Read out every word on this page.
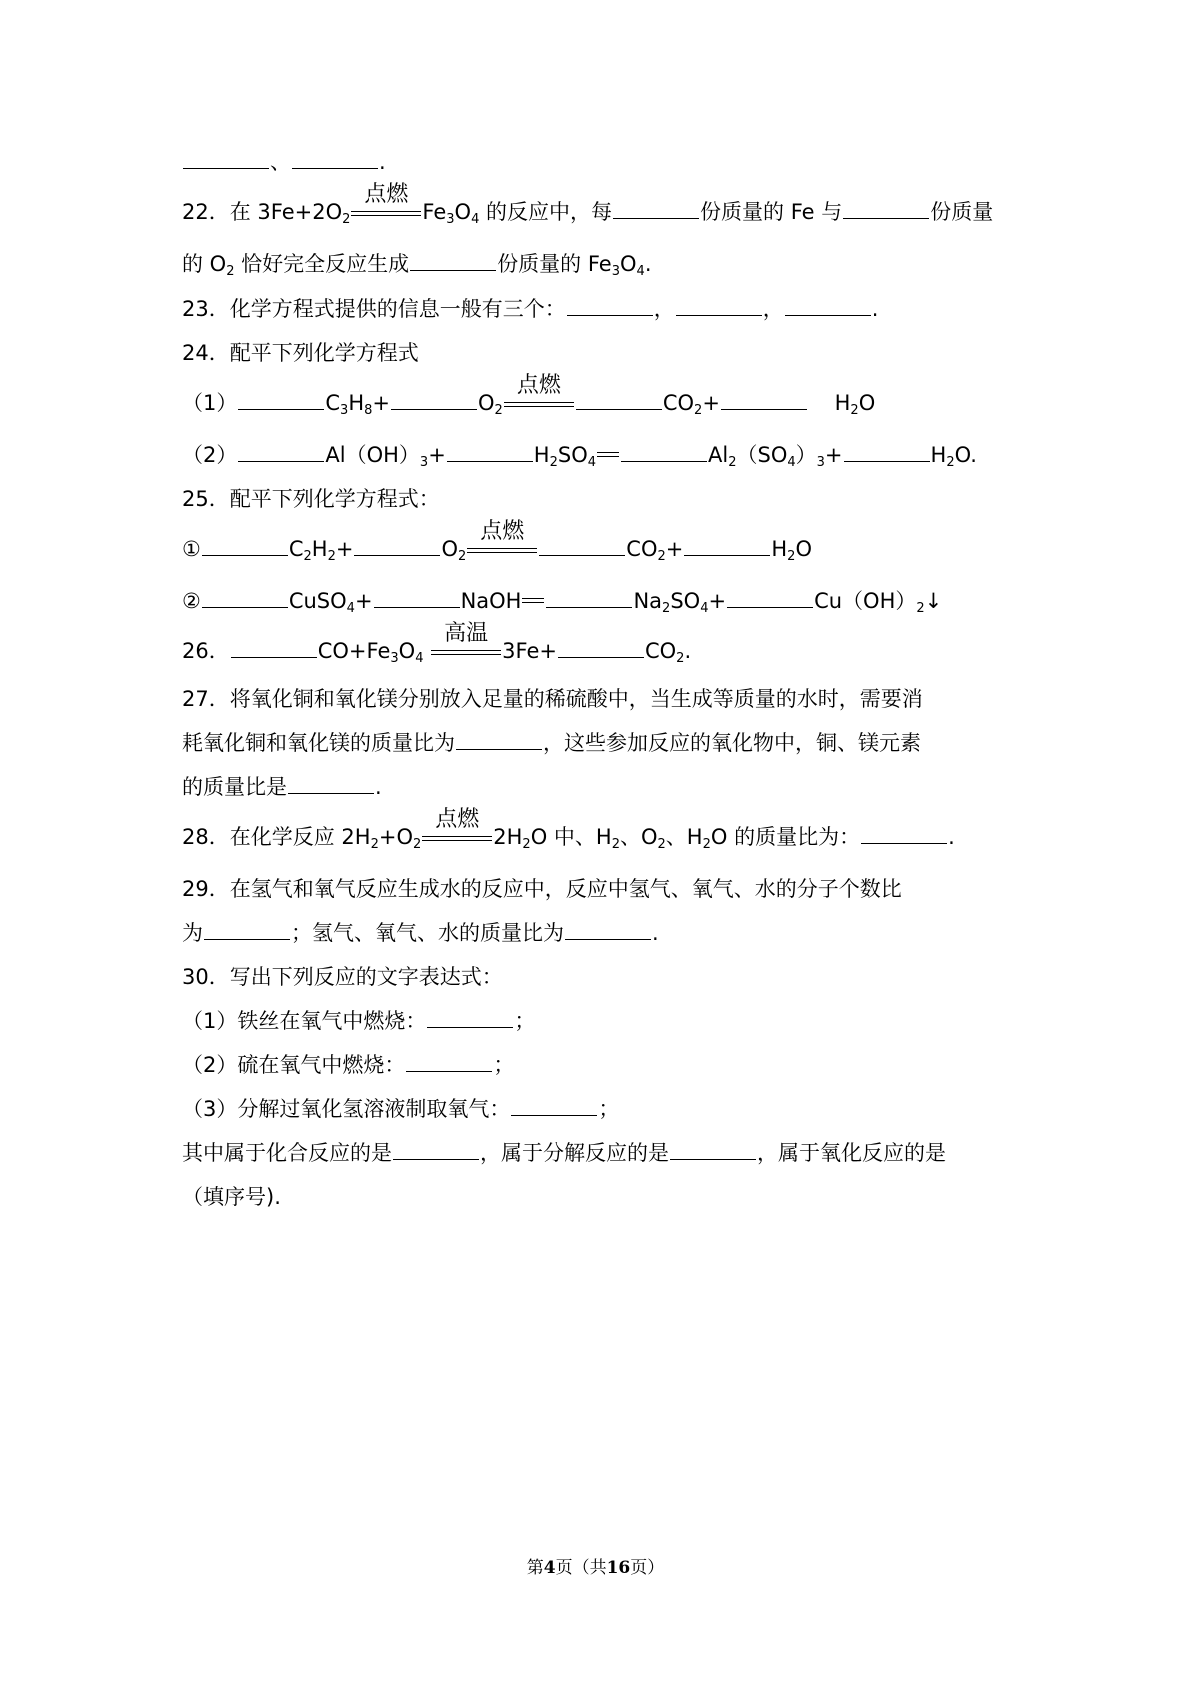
、	.
22．在 $3Fe+2O_2$
点燃
$Fe_3O_4$ 的反应中，每	份质量的 Fe 与	份质量
的 $O_2$ 恰好完全反应生成	份质量的 $Fe_3O_4$.
23．化学方程式提供的信息一般有三个：	，	，	.
24．配平下列化学方程式
（1）	$C_3H_8+$	$O_2$
点燃
$CO_2+$	$H_2O$
（2）	$Al(OH)_3+$	$H_2SO_4$	$Al_2(SO_4)_3+$	$H_2O$.
25．配平下列化学方程式：
①	$C_2H_2+$	$O_2$
点燃
$CO_2+$	$H_2O$
②	CuSO$_4$+	NaOH	$Na_2SO_4+$	$Cu(OH)_2↓$
26．	$CO+Fe_3O_4$
高温
3Fe+	$CO_2$.
27．将氧化铜和氧化镁分别放入足量的稀硫酸中，当生成等质量的水时，需要消
耗氧化铜和氧化镁的质量比为	，这些参加反应的氧化物中，铜、镁元素
的质量比是	.
28．在化学反应 $2H_2+O_2$
点燃
$2H_2O$ 中、$H_2$、$O_2$、$H_2O$ 的质量比为：	.
29．在氢气和氧气反应生成水的反应中，反应中氢气、氧气、水的分子个数比
为	；氢气、氧气、水的质量比为	.
30．写出下列反应的文字表达式：
（1）铁丝在氧气中燃烧：	；
（2）硫在氧气中燃烧：	；
（3）分解过氧化氢溶液制取氧气：	；
其中属于化合反应的是	，属于分解反应的是	，属于氧化反应的是
（填序号).
第4页（共16页）
